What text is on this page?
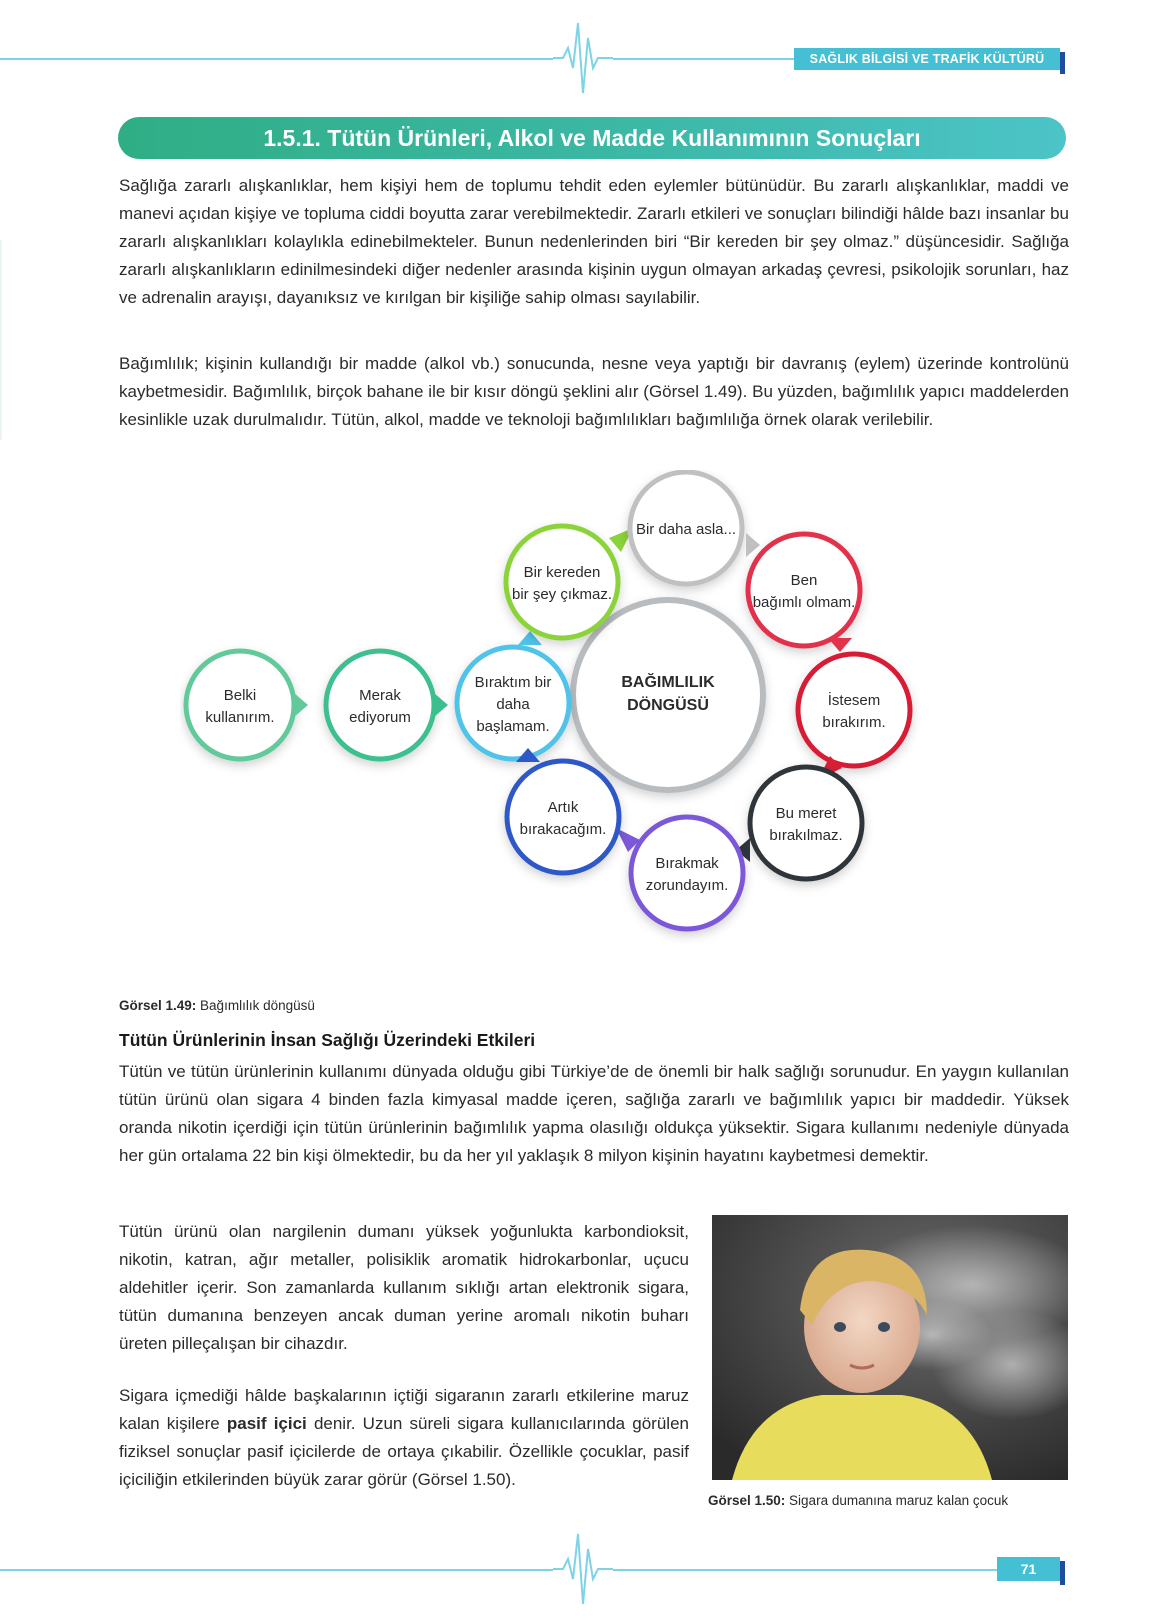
SAĞLIK BİLGİSİ VE TRAFİK KÜLTÜRÜ
1.5.1. Tütün Ürünleri, Alkol ve Madde Kullanımının Sonuçları
Sağlığa zararlı alışkanlıklar, hem kişiyi hem de toplumu tehdit eden eylemler bütünüdür. Bu zararlı alışkanlıklar, maddi ve manevi açıdan kişiye ve topluma ciddi boyutta zarar verebilmektedir. Zararlı etkileri ve sonuçları bilindiği hâlde bazı insanlar bu zararlı alışkanlıkları kolaylıkla edinebilmekteler. Bunun nedenlerinden biri “Bir kereden bir şey olmaz.” düşüncesidir. Sağlığa zararlı alışkanlıkların edinilmesindeki diğer nedenler arasında kişinin uygun olmayan arkadaş çevresi, psikolojik sorunları, haz ve adrenalin arayışı, dayanıksız ve kırılgan bir kişiliğe sahip olması sayılabilir.
Bağımlılık; kişinin kullandığı bir madde (alkol vb.) sonucunda, nesne veya yaptığı bir davranış (eylem) üzerinde kontrolünü kaybetmesidir. Bağımlılık, birçok bahane ile bir kısır döngü şeklini alır (Görsel 1.49). Bu yüzden, bağımlılık yapıcı maddelerden kesinlikle uzak durulmalıdır. Tütün, alkol, madde ve teknoloji bağımlılıkları bağımlılığa örnek olarak verilebilir.
BAĞIMLILIK
DÖNGÜSÜ
Belki
kullanırım.
Merak
ediyorum
Bıraktım bir
daha
başlamam.
Bir kereden
bir şey çıkmaz.
Bir daha asla...
Ben
bağımlı olmam.
İstesem
bırakırım.
Bu meret
bırakılmaz.
Bırakmak
zorundayım.
Artık
bırakacağım.
Görsel 1.49: Bağımlılık döngüsü
Tütün Ürünlerinin İnsan Sağlığı Üzerindeki Etkileri
Tütün ve tütün ürünlerinin kullanımı dünyada olduğu gibi Türkiye’de de önemli bir halk sağlığı sorunudur. En yaygın kullanılan tütün ürünü olan sigara 4 binden fazla kimyasal madde içeren, sağlığa zararlı ve bağımlılık yapıcı bir maddedir. Yüksek oranda nikotin içerdiği için tütün ürünlerinin bağımlılık yapma olasılığı oldukça yüksektir. Sigara kullanımı nedeniyle dünyada her gün ortalama 22 bin kişi ölmektedir, bu da her yıl yaklaşık 8 milyon kişinin hayatını kaybetmesi demektir.
Tütün ürünü olan nargilenin dumanı yüksek yoğunlukta karbondioksit, nikotin, katran, ağır metaller, polisiklik aromatik hidrokarbonlar, uçucu aldehitler içerir. Son zamanlarda kullanım sıklığı artan elektronik sigara, tütün dumanına benzeyen ancak duman yerine aromalı nikotin buharı üreten pilleçalışan bir cihazdır.
Sigara içmediği hâlde başkalarının içtiği sigaranın zararlı etkilerine maruz kalan kişilere pasif içici denir. Uzun süreli sigara kullanıcılarında görülen fiziksel sonuçlar pasif içicilerde de ortaya çıkabilir. Özellikle çocuklar, pasif içiciliğin etkilerinden büyük zarar görür (Görsel 1.50).
Görsel 1.50: Sigara dumanına maruz kalan çocuk
71
